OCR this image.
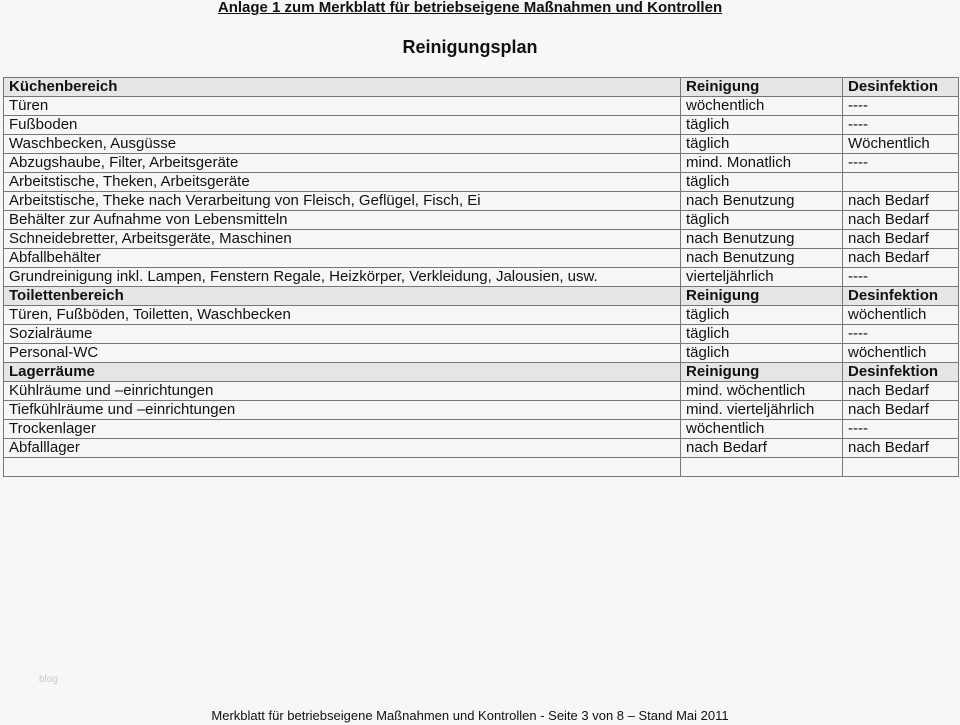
Anlage 1 zum Merkblatt für betriebseigene Maßnahmen und Kontrollen
Reinigungsplan
Küchenbereich	Reinigung	Desinfektion
Türen	wöchentlich	----
Fußboden	täglich	----
Waschbecken, Ausgüsse	täglich	Wöchentlich
Abzugshaube, Filter, Arbeitsgeräte	mind. Monatlich	----
Arbeitstische, Theken, Arbeitsgeräte	täglich	
Arbeitstische, Theke nach Verarbeitung von Fleisch, Geflügel, Fisch, Ei	nach Benutzung	nach Bedarf
Behälter zur Aufnahme von Lebensmitteln	täglich	nach Bedarf
Schneidebretter, Arbeitsgeräte, Maschinen	nach Benutzung	nach Bedarf
Abfallbehälter	nach Benutzung	nach Bedarf
Grundreinigung inkl. Lampen, Fenstern Regale, Heizkörper, Verkleidung, Jalousien, usw.	vierteljährlich	----
Toilettenbereich	Reinigung	Desinfektion
Türen, Fußböden, Toiletten, Waschbecken	täglich	wöchentlich
Sozialräume	täglich	----
Personal-WC	täglich	wöchentlich
Lagerräume	Reinigung	Desinfektion
Kühlräume und –einrichtungen	mind. wöchentlich	nach Bedarf
Tiefkühlräume und –einrichtungen	mind. vierteljährlich	nach Bedarf
Trockenlager	wöchentlich	----
Abfalllager	nach Bedarf	nach Bedarf

blog
Merkblatt für betriebseigene Maßnahmen und Kontrollen - Seite 3 von 8 – Stand Mai 2011
